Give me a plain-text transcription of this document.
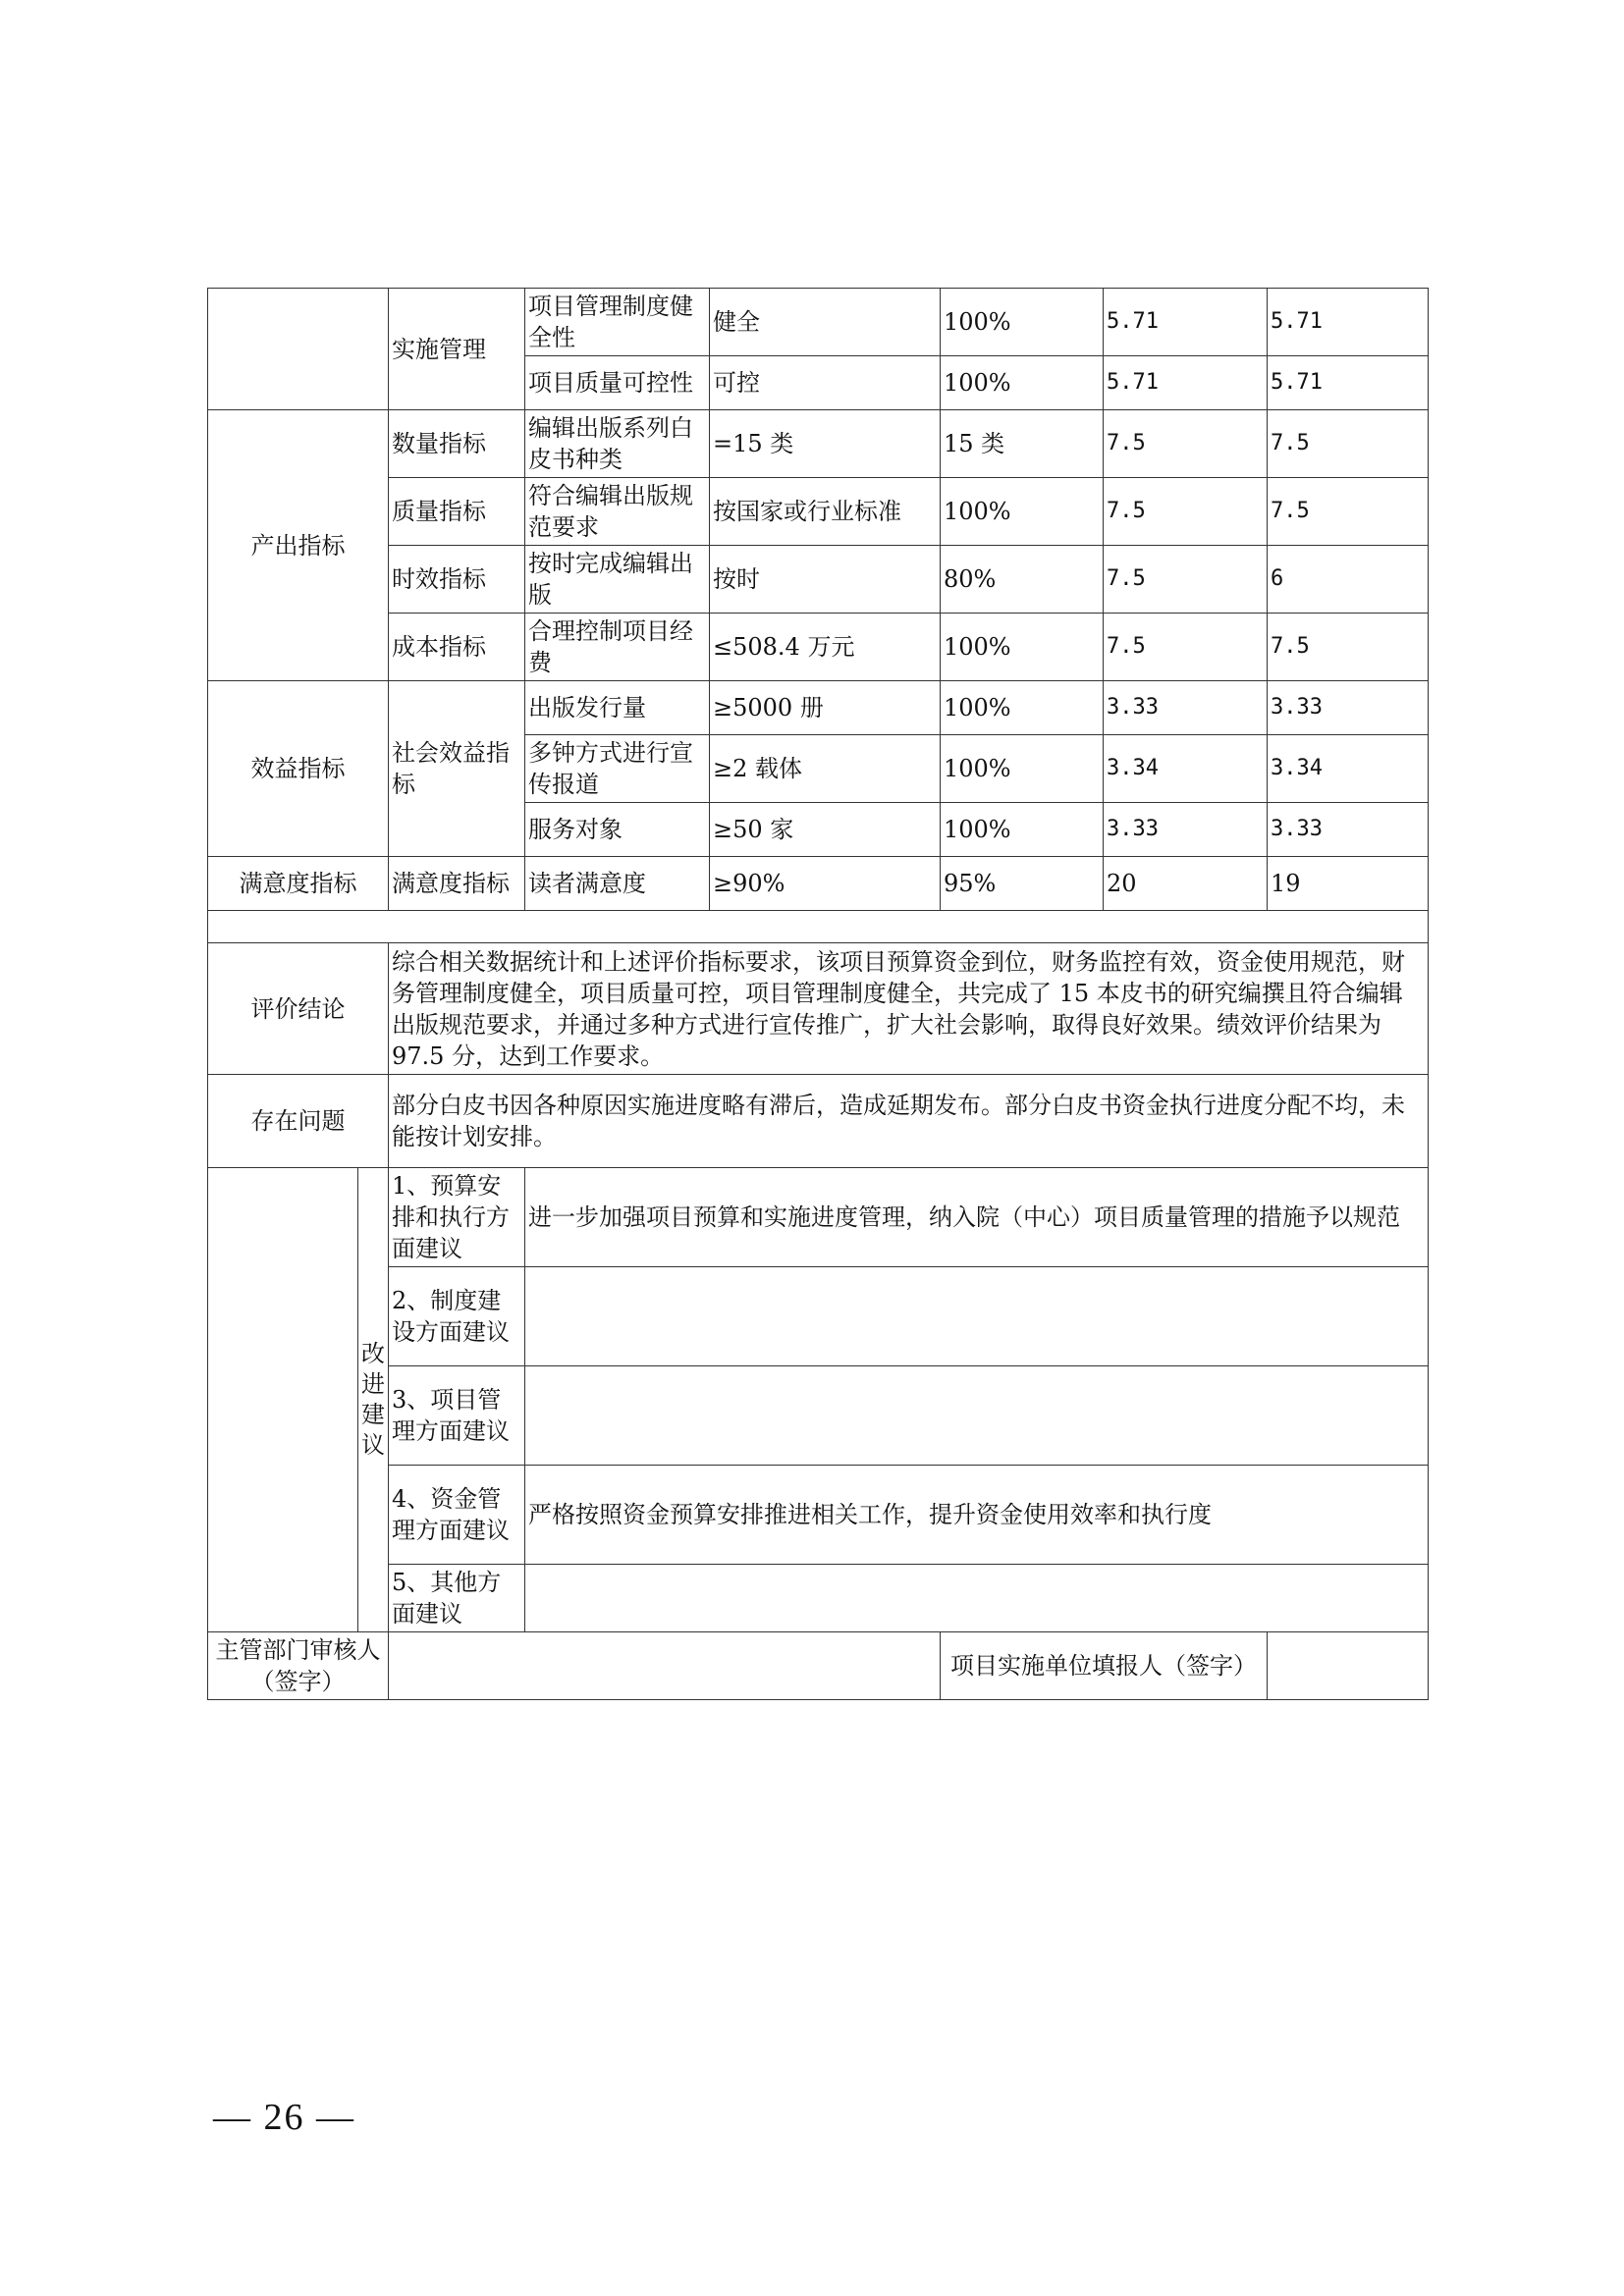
		实施管理	项目管理制度健全性	健全	100%	5.71	5.71
			项目质量可控性	可控	100%	5.71	5.71
产出指标		数量指标	编辑出版系列白皮书种类	=15 类	15 类	7.5	7.5
		质量指标	符合编辑出版规范要求	按国家或行业标准	100%	7.5	7.5
		时效指标	按时完成编辑出版	按时	80%	7.5	6
		成本指标	合理控制项目经费	≤508.4 万元	100%	7.5	7.5
效益指标		社会效益指标	出版发行量	≥5000 册	100%	3.33	3.33
			多钟方式进行宣传报道	≥2 载体	100%	3.34	3.34
			服务对象	≥50 家	100%	3.33	3.33
满意度指标		满意度指标	读者满意度	≥90%	95%	20	19

评价结论		综合相关数据统计和上述评价指标要求，该项目预算资金到位，财务监控有效，资金使用规范，财务管理制度健全，项目质量可控，项目管理制度健全，共完成了 15 本皮书的研究编撰且符合编辑出版规范要求，并通过多种方式进行宣传推广，扩大社会影响，取得良好效果。绩效评价结果为 97.5 分，达到工作要求。					
存在问题		部分白皮书因各种原因实施进度略有滞后，造成延期发布。部分白皮书资金执行进度分配不均，未能按计划安排。					
	改进建议	1、预算安排和执行方面建议	进一步加强项目预算和实施进度管理，纳入院（中心）项目质量管理的措施予以规范				
		2、制度建设方面建议					
		3、项目管理方面建议					
		4、资金管理方面建议	严格按照资金预算安排推进相关工作，提升资金使用效率和执行度				
		5、其他方面建议					
主管部门审核人（签字）					项目实施单位填报人（签字）		
— 26 —
